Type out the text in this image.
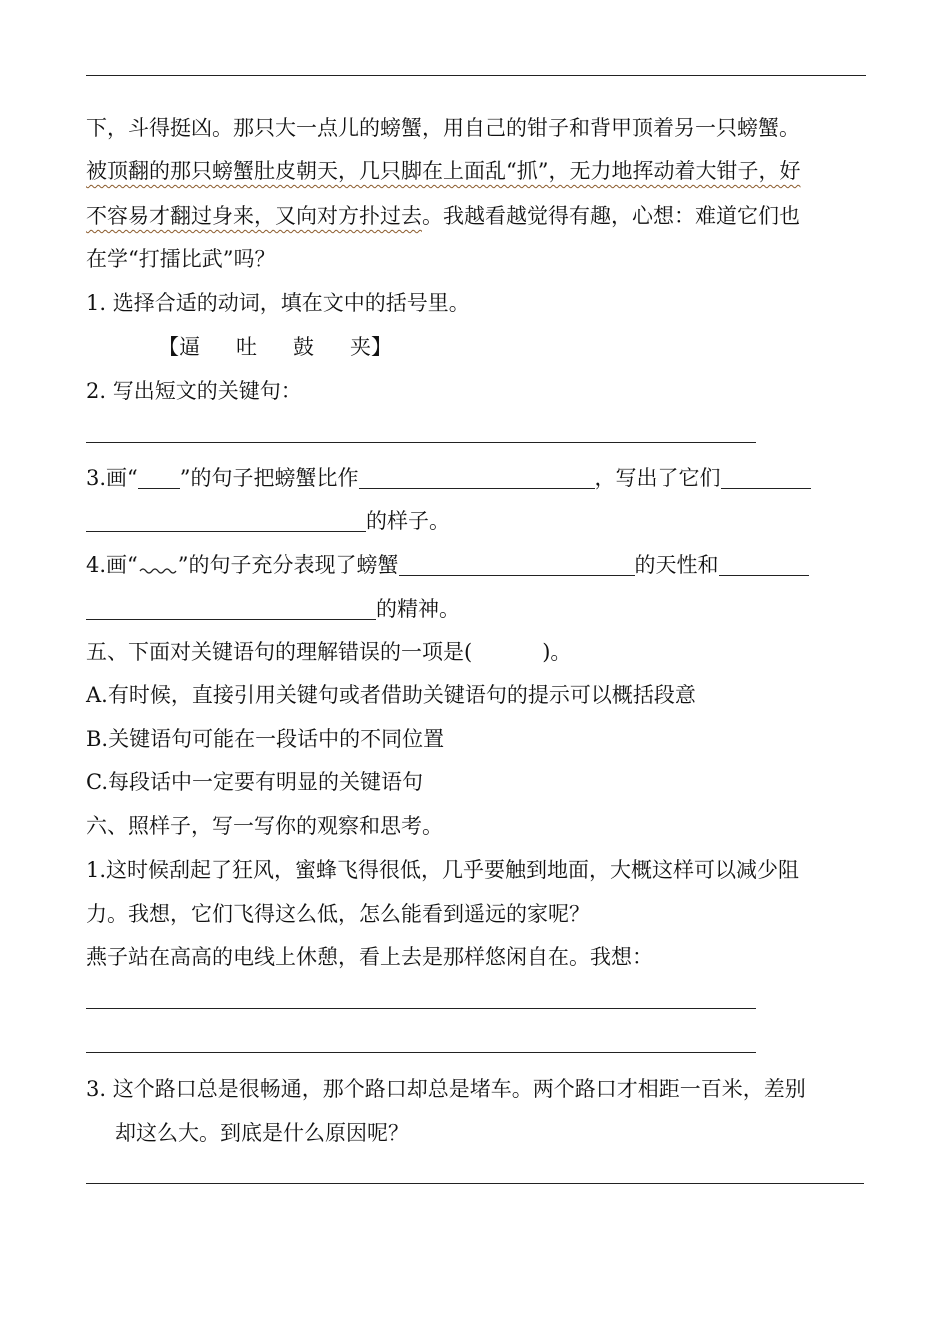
下，斗得挺凶。那只大一点儿的螃蟹，用自己的钳子和背甲顶着另一只螃蟹。
被顶翻的那只螃蟹肚皮朝天，几只脚在上面乱“抓”，无力地挥动着大钳子，好
不容易才翻过身来，又向对方扑过去。我越看越觉得有趣，心想：难道它们也
在学“打擂比武”吗？
1. 选择合适的动词，填在文中的括号里。
【逼 吐 鼓 夹】
2. 写出短文的关键句：
3.画“ ”的句子把螃蟹比作	，写出了它们
的样子。
4.画“ ”的句子充分表现了螃蟹	的天性和
的精神。
五、下面对关键语句的理解错误的一项是(	)。
A.有时候，直接引用关键句或者借助关键语句的提示可以概括段意
B.关键语句可能在一段话中的不同位置
C.每段话中一定要有明显的关键语句
六、照样子，写一写你的观察和思考。
1.这时候刮起了狂风，蜜蜂飞得很低，几乎要触到地面，大概这样可以减少阻
力。我想，它们飞得这么低，怎么能看到遥远的家呢？
燕子站在高高的电线上休憩，看上去是那样悠闲自在。我想：
3. 这个路口总是很畅通，那个路口却总是堵车。两个路口才相距一百米，差别
却这么大。到底是什么原因呢？
